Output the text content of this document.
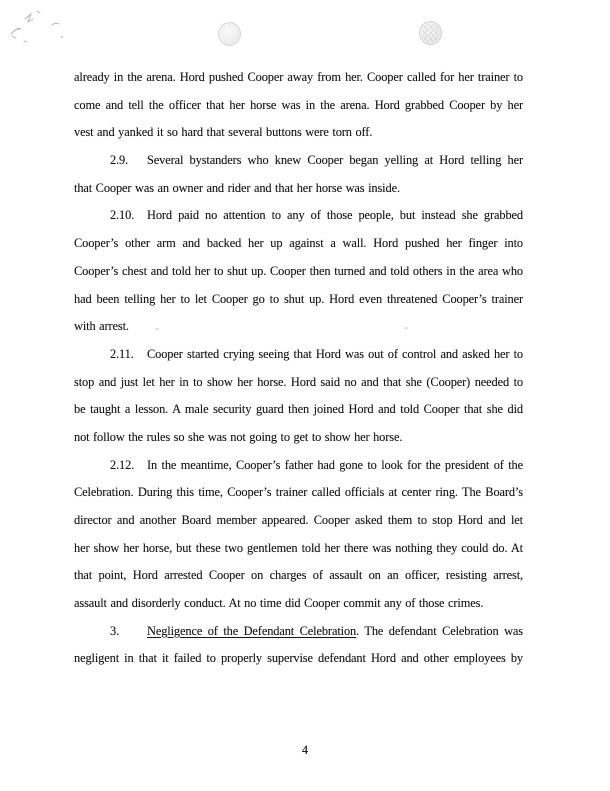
already in the arena. Hord pushed Cooper away from her. Cooper called for her trainer to
come and tell the officer that her horse was in the arena. Hord grabbed Cooper by her
vest and yanked it so hard that several buttons were torn off.
2.9. Several bystanders who knew Cooper began yelling at Hord telling her
that Cooper was an owner and rider and that her horse was inside.
2.10. Hord paid no attention to any of those people, but instead she grabbed
Cooper’s other arm and backed her up against a wall. Hord pushed her finger into
Cooper’s chest and told her to shut up. Cooper then turned and told others in the area who
had been telling her to let Cooper go to shut up. Hord even threatened Cooper’s trainer
with arrest.
2.11. Cooper started crying seeing that Hord was out of control and asked her to
stop and just let her in to show her horse. Hord said no and that she (Cooper) needed to
be taught a lesson. A male security guard then joined Hord and told Cooper that she did
not follow the rules so she was not going to get to show her horse.
2.12. In the meantime, Cooper’s father had gone to look for the president of the
Celebration. During this time, Cooper’s trainer called officials at center ring. The Board’s
director and another Board member appeared. Cooper asked them to stop Hord and let
her show her horse, but these two gentlemen told her there was nothing they could do. At
that point, Hord arrested Cooper on charges of assault on an officer, resisting arrest,
assault and disorderly conduct. At no time did Cooper commit any of those crimes.
3. Negligence of the Defendant Celebration. The defendant Celebration was
negligent in that it failed to properly supervise defendant Hord and other employees by
4
